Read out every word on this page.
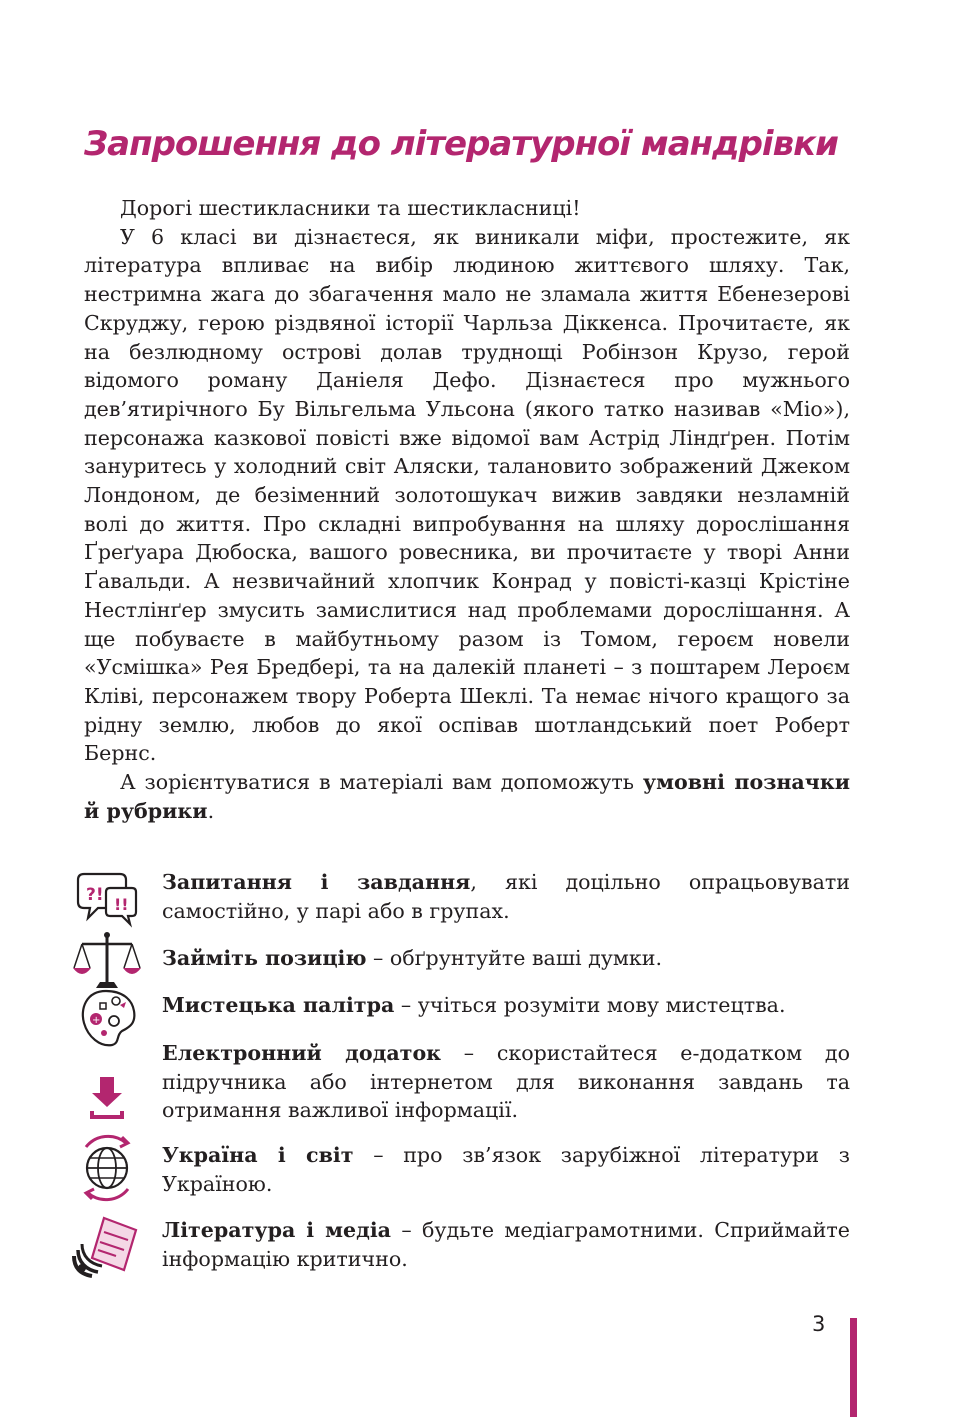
Запрошення до літературної мандрівки

Дорогі шестикласники та шестикласниці!

У 6 класі ви дізнаєтеся, як виникали міфи, простежите, як література впливає на вибір людиною життєвого шляху. Так, нестримна жага до збагачення мало не зламала життя Ебенезерові Скруджу, герою різдвяної історії Чарльза Діккенса. Прочитаєте, як на безлюдному острові долав труднощі Робінзон Крузо, герой відомого роману Даніеля Дефо. Дізнаєтеся про мужнього дев’ятирічного Бу Вільгельма Ульсона (якого татко називав «Міо»), персонажа казкової повісті вже відомої вам Астрід Ліндґрен. Потім зануритесь у холодний світ Аляски, талановито зображений Джеком Лондоном, де безіменний золотошукач вижив завдяки незламній волі до життя. Про складні випробування на шляху дорослішання Ґреґуара Дюбоска, вашого ровесника, ви прочитаєте у творі Анни Ґавальди. А незвичайний хлопчик Конрад у повісті-казці Крістіне Нестлінґер змусить замислитися над проблемами дорослішання. А ще побуваєте в майбутньому разом із Томом, героєм новели «Усмішка» Рея Бредбері, та на далекій планеті – з поштарем Лероєм Кліві, персонажем твору Роберта Шеклі. Та немає нічого кращого за рідну землю, любов до якої оспівав шотландський поет Роберт Бернс.

А зорієнтуватися в матеріалі вам допоможуть умовні позначки й рубрики.

?! !!
Запитання і завдання, які доцільно опрацьовувати самостійно, у парі або в групах.
Займіть позицію – обґрунтуйте ваші думки.
+
Мистецька палітра – учіться розуміти мову мистецтва.
Електронний додаток – скористайтеся е-додатком до підручника або інтернетом для виконання завдань та отримання важливої інформації.
Україна і світ – про зв’язок зарубіжної літератури з Україною.
Література і медіа – будьте медіаграмотними. Сприймайте інформацію критично.
3
